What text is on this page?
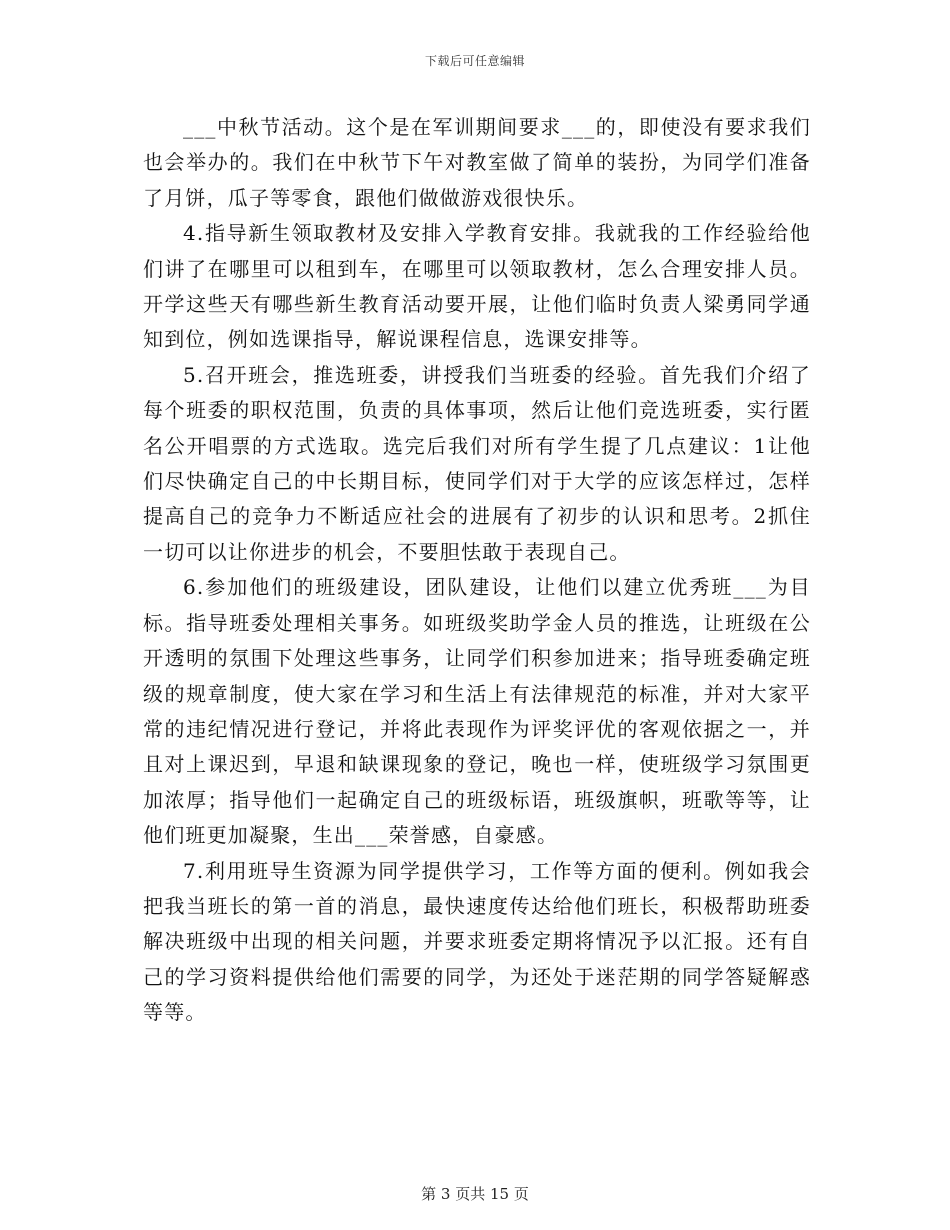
下载后可任意编辑

___中秋节活动。这个是在军训期间要求___的，即使没有要求我们也会举办的。我们在中秋节下午对教室做了简单的装扮，为同学们准备了月饼，瓜子等零食，跟他们做做游戏很快乐。

4.指导新生领取教材及安排入学教育安排。我就我的工作经验给他们讲了在哪里可以租到车，在哪里可以领取教材，怎么合理安排人员。开学这些天有哪些新生教育活动要开展，让他们临时负责人梁勇同学通知到位，例如选课指导，解说课程信息，选课安排等。

5.召开班会，推选班委，讲授我们当班委的经验。首先我们介绍了每个班委的职权范围，负责的具体事项，然后让他们竞选班委，实行匿名公开唱票的方式选取。选完后我们对所有学生提了几点建议：1让他们尽快确定自己的中长期目标，使同学们对于大学的应该怎样过，怎样提高自己的竞争力不断适应社会的进展有了初步的认识和思考。2抓住一切可以让你进步的机会，不要胆怯敢于表现自己。

6.参加他们的班级建设，团队建设，让他们以建立优秀班___为目标。指导班委处理相关事务。如班级奖助学金人员的推选，让班级在公开透明的氛围下处理这些事务，让同学们积参加进来；指导班委确定班级的规章制度，使大家在学习和生活上有法律规范的标准，并对大家平常的违纪情况进行登记，并将此表现作为评奖评优的客观依据之一，并且对上课迟到，早退和缺课现象的登记，晚也一样，使班级学习氛围更加浓厚；指导他们一起确定自己的班级标语，班级旗帜，班歌等等，让他们班更加凝聚，生出___荣誉感，自豪感。

7.利用班导生资源为同学提供学习，工作等方面的便利。例如我会把我当班长的第一首的消息，最快速度传达给他们班长，积极帮助班委解决班级中出现的相关问题，并要求班委定期将情况予以汇报。还有自己的学习资料提供给他们需要的同学，为还处于迷茫期的同学答疑解惑等等。

第 3 页共 15 页
